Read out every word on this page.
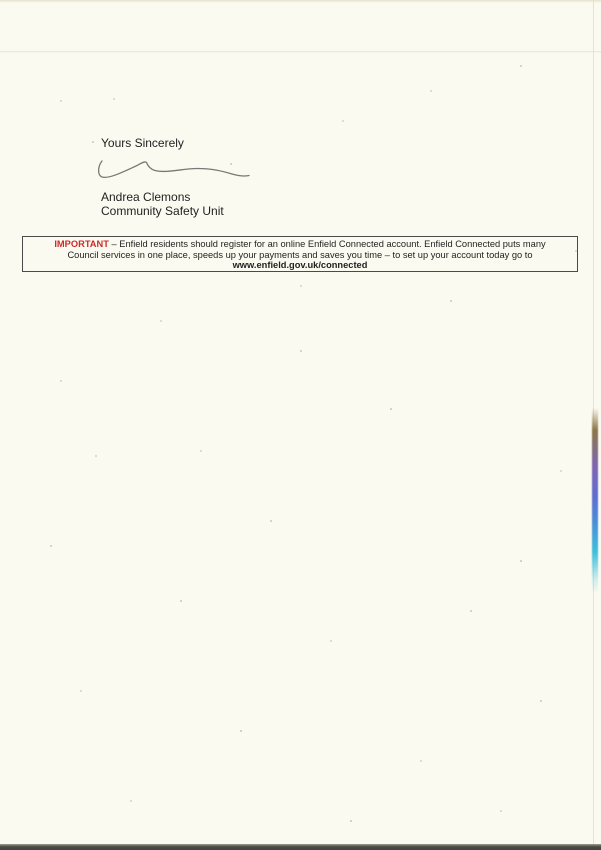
Yours Sincerely
Andrea Clemons
Community Safety Unit
IMPORTANT – Enfield residents should register for an online Enfield Connected account. Enfield Connected puts many
Council services in one place, speeds up your payments and saves you time – to set up your account today go to
www.enfield.gov.uk/connected
